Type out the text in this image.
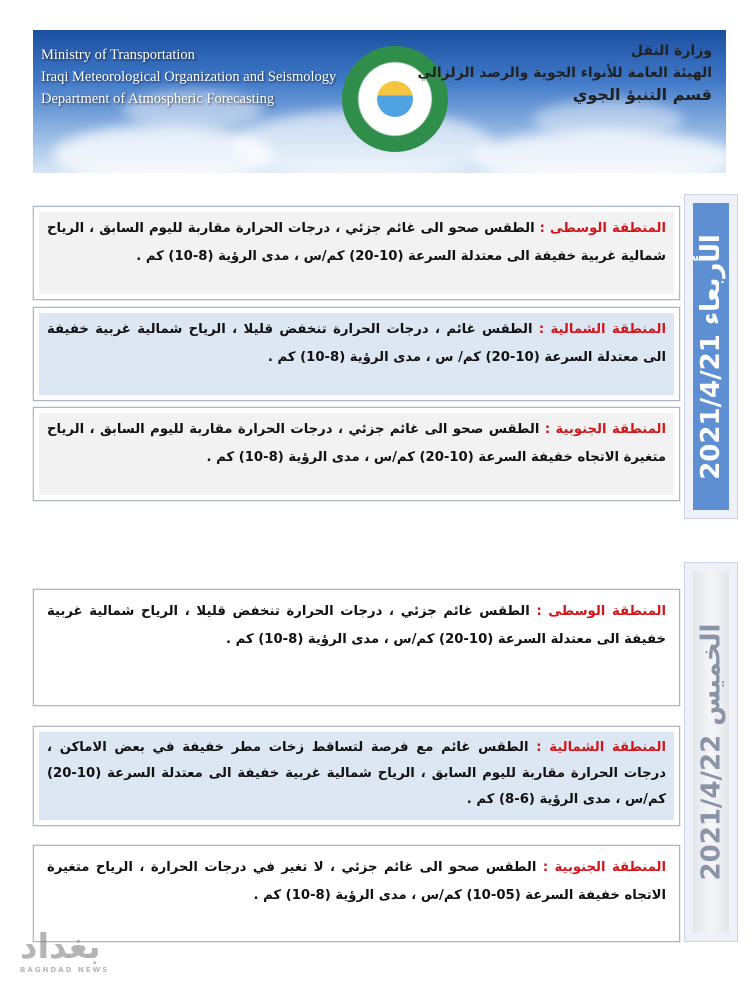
Ministry of Transportation
Iraqi Meteorological Organization and Seismology
Department of Atmospheric Forecasting
وزارة النقل
الهيئة العامة للأنواء الجوية والرصد الزلزالي
قسم التنبؤ الجوي
الأربعاء 2021/4/21
المنطقة الوسطى : الطقس صحو الى غائم جزئي ، درجات الحرارة مقاربة لليوم السابق ، الرياح شمالية غربية خفيفة الى معتدلة السرعة (10-20) كم/س ، مدى الرؤية (8-10) كم .
المنطقة الشمالية : الطقس غائم ، درجات الحرارة تنخفض قليلا ، الرياح شمالية غربية خفيفة الى معتدلة السرعة (10-20) كم/ س ، مدى الرؤية (8-10) كم .
المنطقة الجنوبية : الطقس صحو الى غائم جزئي ، درجات الحرارة مقاربة لليوم السابق ، الرياح متغيرة الاتجاه خفيفة السرعة (10-20) كم/س ، مدى الرؤية (8-10) كم .
الخميس 2021/4/22
المنطقة الوسطى : الطقس غائم جزئي ، درجات الحرارة تنخفض قليلا ، الرياح شمالية غربية خفيفة الى معتدلة السرعة (10-20) كم/س ، مدى الرؤية (8-10) كم .
المنطقة الشمالية : الطقس غائم مع فرصة لتساقط زخات مطر خفيفة في بعض الاماكن ، درجات الحرارة مقاربة لليوم السابق ، الرياح شمالية غربية خفيفة الى معتدلة السرعة (10-20) كم/س ، مدى الرؤية (6-8) كم .
المنطقة الجنوبية : الطقس صحو الى غائم جزئي ، لا تغير في درجات الحرارة ، الرياح متغيرة الاتجاه خفيفة السرعة (05-10) كم/س ، مدى الرؤية (8-10) كم .
بغداد
BAGHDAD NEWS
